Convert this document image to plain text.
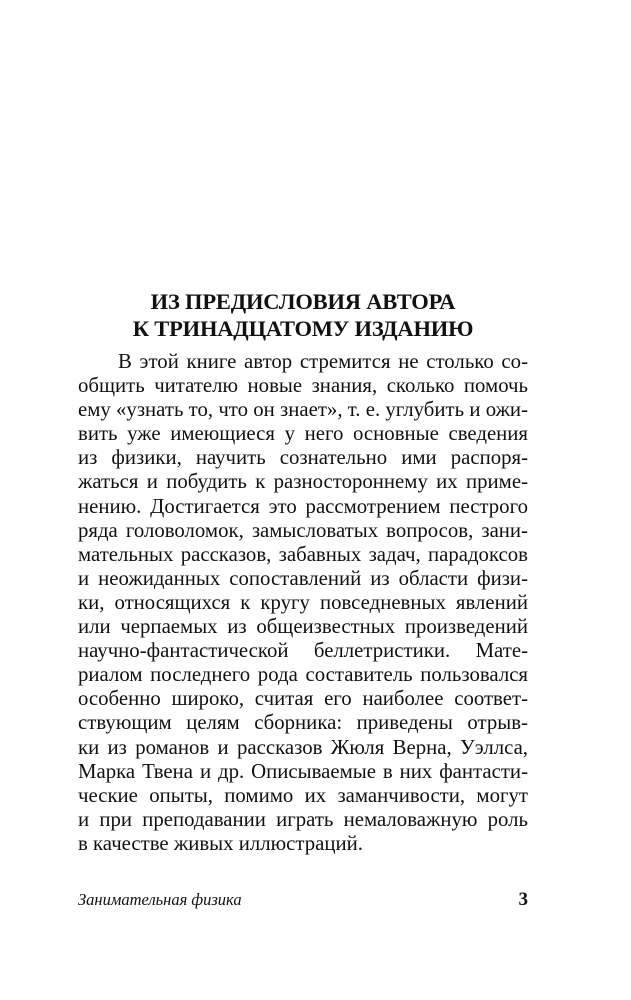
ИЗ ПРЕДИСЛОВИЯ АВТОРА
К ТРИНАДЦАТОМУ ИЗДАНИЮ
В этой книге автор стремится не столько со-
общить читателю новые знания, сколько помочь
ему «узнать то, что он знает», т. е. углубить и ожи-
вить уже имеющиеся у него основные сведения
из физики, научить сознательно ими распоря-
жаться и побудить к разностороннему их приме-
нению. Достигается это рассмотрением пестрого
ряда головоломок, замысловатых вопросов, зани-
мательных рассказов, забавных задач, парадоксов
и неожиданных сопоставлений из области физи-
ки, относящихся к кругу повседневных явлений
или черпаемых из общеизвестных произведений
научно-фантастической беллетристики. Мате-
риалом последнего рода составитель пользовался
особенно широко, считая его наиболее соответ-
ствующим целям сборника: приведены отрыв-
ки из романов и рассказов Жюля Верна, Уэллса,
Марка Твена и др. Описываемые в них фантасти-
ческие опыты, помимо их заманчивости, могут
и при преподавании играть немаловажную роль
в качестве живых иллюстраций.
Занимательная физика	3
